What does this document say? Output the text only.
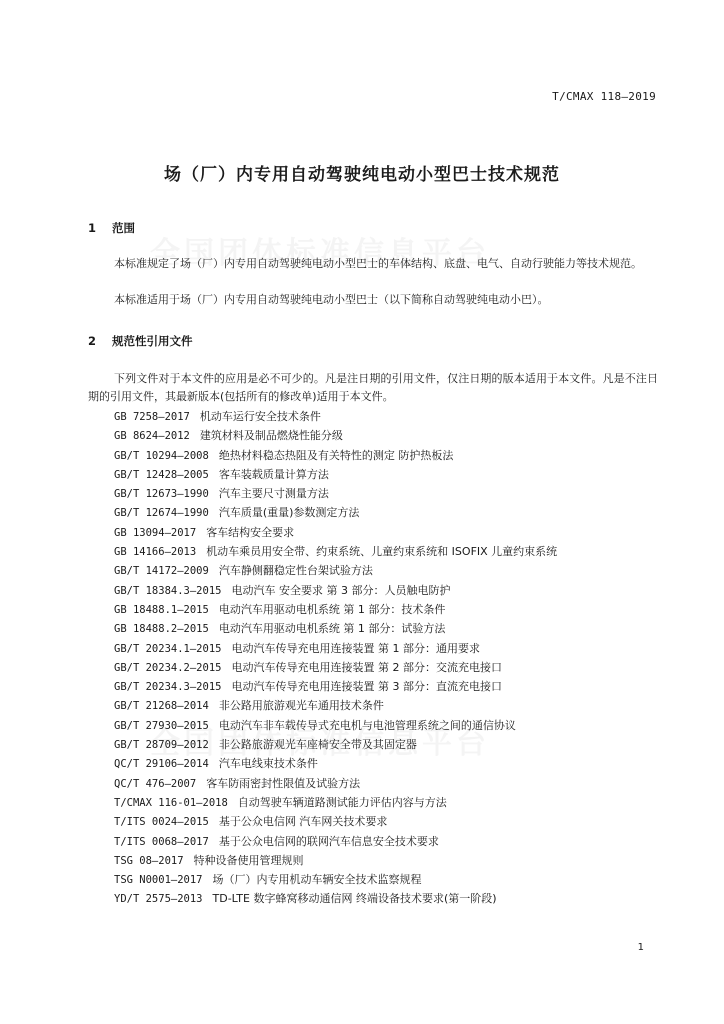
T/CMAX 118—2019
场（厂）内专用自动驾驶纯电动小型巴士技术规范
1 范围
本标准规定了场（厂）内专用自动驾驶纯电动小型巴士的车体结构、底盘、电气、自动行驶能力等技术规范。
本标准适用于场（厂）内专用自动驾驶纯电动小型巴士（以下简称自动驾驶纯电动小巴）。
2 规范性引用文件
下列文件对于本文件的应用是必不可少的。凡是注日期的引用文件，仅注日期的版本适用于本文件。凡是不注日期的引用文件，其最新版本(包括所有的修改单)适用于本文件。
GB 7258—2017 机动车运行安全技术条件
GB 8624—2012 建筑材料及制品燃烧性能分级
GB/T 10294—2008 绝热材料稳态热阻及有关特性的测定 防护热板法
GB/T 12428—2005 客车装载质量计算方法
GB/T 12673—1990 汽车主要尺寸测量方法
GB/T 12674—1990 汽车质量(重量)参数测定方法
GB 13094—2017 客车结构安全要求
GB 14166—2013 机动车乘员用安全带、约束系统、儿童约束系统和 ISOFIX 儿童约束系统
GB/T 14172—2009 汽车静侧翻稳定性台架试验方法
GB/T 18384.3—2015 电动汽车 安全要求 第 3 部分：人员触电防护
GB 18488.1—2015 电动汽车用驱动电机系统 第 1 部分：技术条件
GB 18488.2—2015 电动汽车用驱动电机系统 第 1 部分：试验方法
GB/T 20234.1—2015 电动汽车传导充电用连接装置 第 1 部分：通用要求
GB/T 20234.2—2015 电动汽车传导充电用连接装置 第 2 部分：交流充电接口
GB/T 20234.3—2015 电动汽车传导充电用连接装置 第 3 部分：直流充电接口
GB/T 21268—2014 非公路用旅游观光车通用技术条件
GB/T 27930—2015 电动汽车非车载传导式充电机与电池管理系统之间的通信协议
GB/T 28709—2012 非公路旅游观光车座椅安全带及其固定器
QC/T 29106—2014 汽车电线束技术条件
QC/T 476—2007 客车防雨密封性限值及试验方法
T/CMAX 116-01—2018 自动驾驶车辆道路测试能力评估内容与方法
T/ITS 0024—2015 基于公众电信网 汽车网关技术要求
T/ITS 0068—2017 基于公众电信网的联网汽车信息安全技术要求
TSG 08—2017 特种设备使用管理规则
TSG N0001—2017 场（厂）内专用机动车辆安全技术监察规程
YD/T 2575—2013 TD-LTE 数字蜂窝移动通信网 终端设备技术要求(第一阶段)
1
